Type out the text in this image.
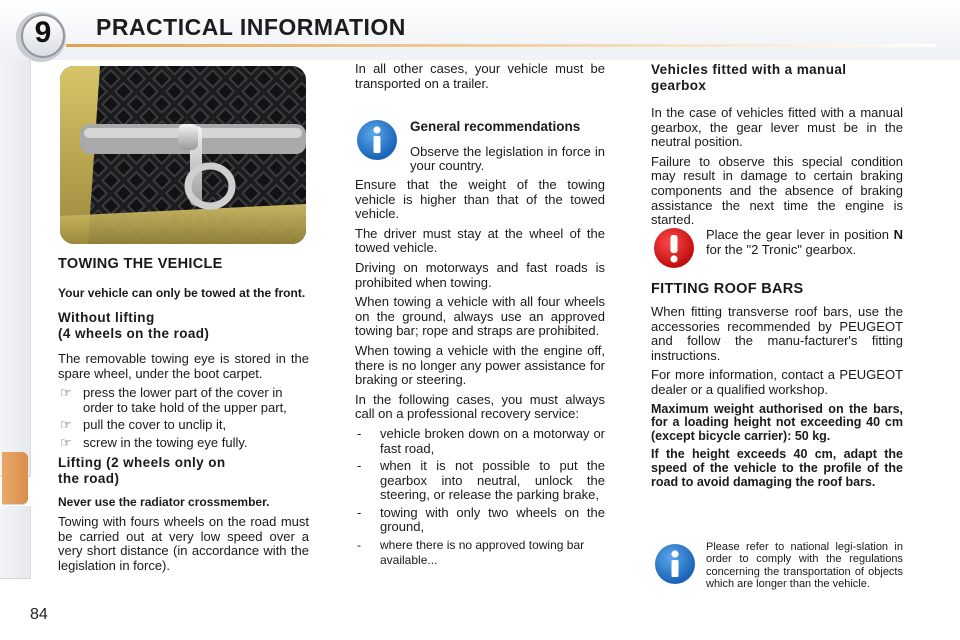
9	PRACTICAL INFORMATION
84
TOWING THE VEHICLE

Your vehicle can only be towed at the front.

Without lifting
(4 wheels on the road)

The removable towing eye is stored in the spare wheel, under the boot carpet.

☞ press the lower part of the cover in order to take hold of the upper part,
☞ pull the cover to unclip it,
☞ screw in the towing eye fully.
Lifting (2 wheels only on
the road)

Never use the radiator crossmember.

Towing with fours wheels on the road must be carried out at very low speed over a very short distance (in accordance with the legislation in force).

In all other cases, your vehicle must be transported on a trailer.

General recommendations

Observe the legislation in force in your country.

Ensure that the weight of the towing vehicle is higher than that of the towed vehicle.

The driver must stay at the wheel of the towed vehicle.

Driving on motorways and fast roads is prohibited when towing.

When towing a vehicle with all four wheels on the ground, always use an approved towing bar; rope and straps are prohibited.

When towing a vehicle with the engine off, there is no longer any power assistance for braking or steering.

In the following cases, you must always call on a professional recovery service:

- vehicle broken down on a motorway or fast road,
- when it is not possible to put the gearbox into neutral, unlock the steering, or release the parking brake,
- towing with only two wheels on the ground,
- where there is no approved towing bar available...
Vehicles fitted with a manual
gearbox

In the case of vehicles fitted with a manual gearbox, the gear lever must be in the neutral position.

Failure to observe this special condition may result in damage to certain braking components and the absence of braking assistance the next time the engine is started.

Place the gear lever in position N for the "2 Tronic" gearbox.
FITTING ROOF BARS

When fitting transverse roof bars, use the accessories recommended by PEUGEOT and follow the manu-facturer's fitting instructions.

For more information, contact a PEUGEOT dealer or a qualified workshop.

Maximum weight authorised on the bars, for a loading height not exceeding 40 cm (except bicycle carrier): 50 kg.

If the height exceeds 40 cm, adapt the speed of the vehicle to the profile of the road to avoid damaging the roof bars.

Please refer to national legi-slation in order to comply with the regulations concerning the transportation of objects which are longer than the vehicle.
